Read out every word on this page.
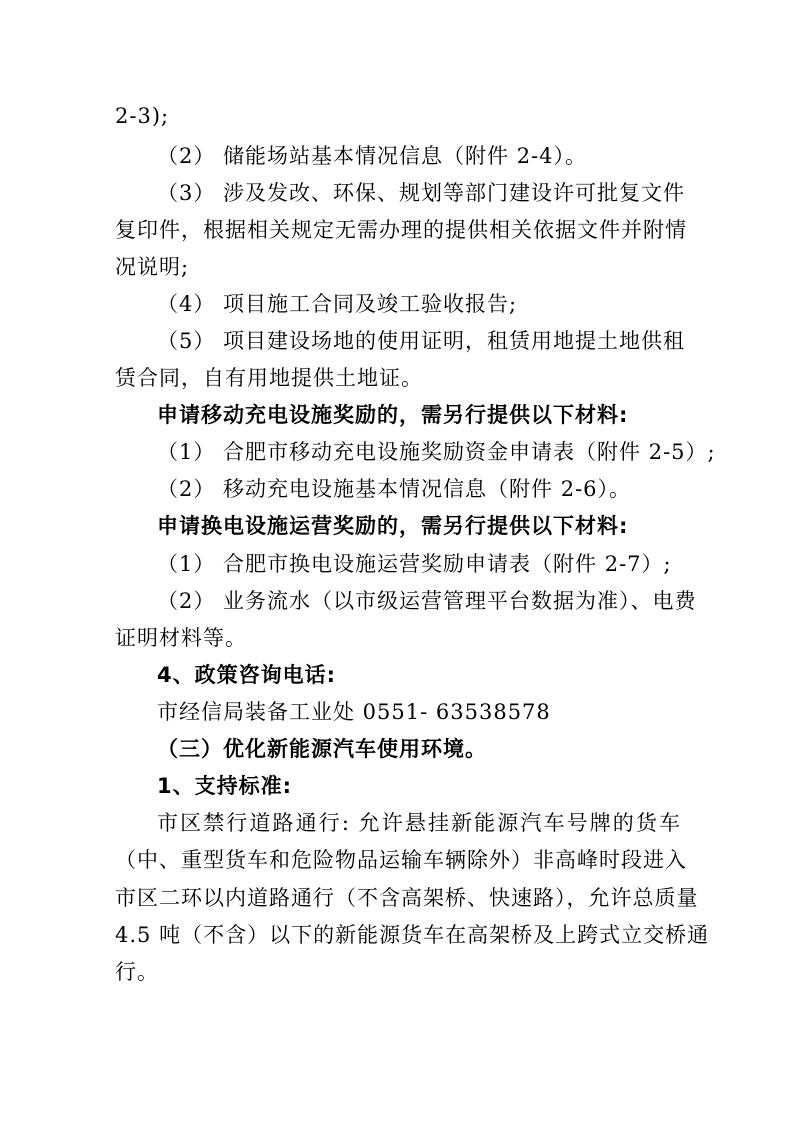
2-3);
（2） 储能场站基本情况信息（附件 2-4）。
（3） 涉及发改、环保、规划等部门建设许可批复文件
复印件，根据相关规定无需办理的提供相关依据文件并附情
况说明;
（4） 项目施工合同及竣工验收报告;
（5） 项目建设场地的使用证明，租赁用地提土地供租
赁合同，自有用地提供土地证。
申请移动充电设施奖励的，需另行提供以下材料:
（1） 合肥市移动充电设施奖励资金申请表（附件 2-5）;
（2） 移动充电设施基本情况信息（附件 2-6）。
申请换电设施运营奖励的，需另行提供以下材料:
（1） 合肥市换电设施运营奖励申请表（附件 2-7）;
（2） 业务流水（以市级运营管理平台数据为准）、电费
证明材料等。
4、政策咨询电话:
市经信局装备工业处 0551- 63538578
（三）优化新能源汽车使用环境。
1、支持标准:
市区禁行道路通行: 允许悬挂新能源汽车号牌的货车
（中、重型货车和危险物品运输车辆除外）非高峰时段进入
市区二环以内道路通行（不含高架桥、快速路），允许总质量
4.5 吨（不含）以下的新能源货车在高架桥及上跨式立交桥通
行。
